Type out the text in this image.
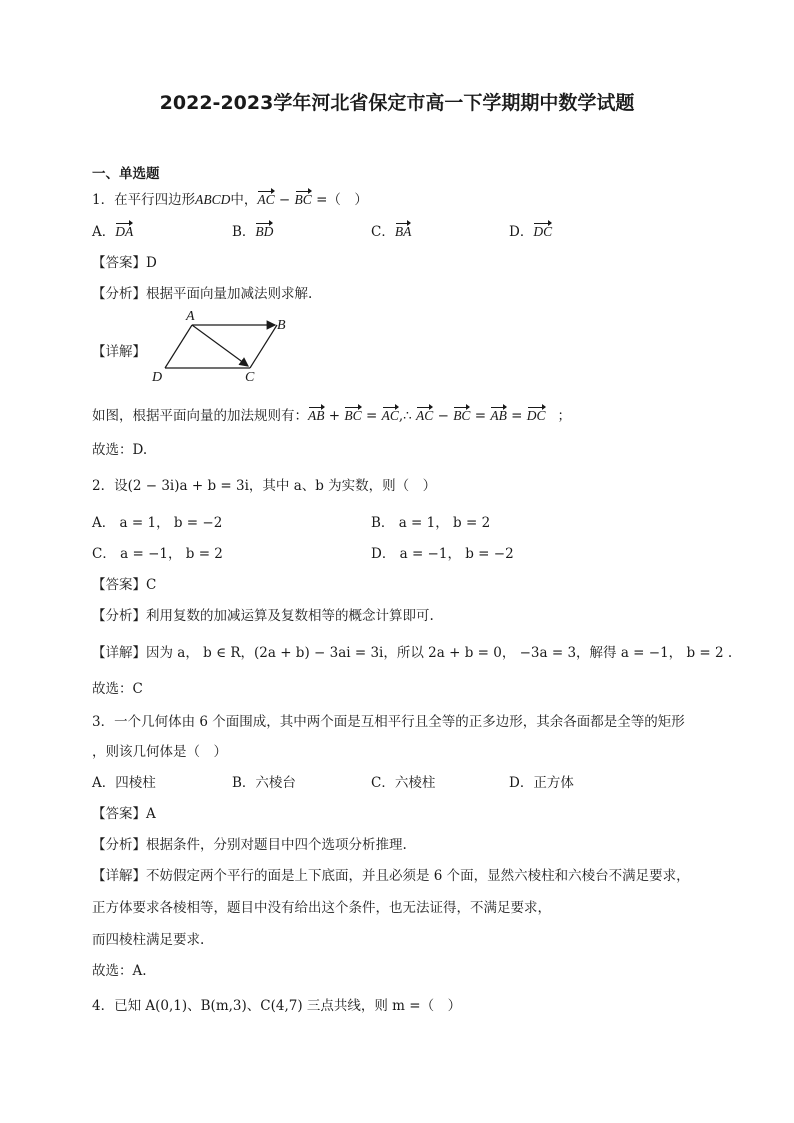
2022-2023学年河北省保定市高一下学期期中数学试题
一、单选题
1．在平行四边形ABCD中，AC − BC =（　）
A．DA	B．BD	C．BA	D．DC
【答案】D
【分析】根据平面向量加减法则求解.
【详解】
A
B
C
D
如图，根据平面向量的加法规则有：AB + BC = AC,∴ AC − BC = AB = DC ；
故选：D.
2．设(2 − 3i)a + b = 3i，其中 a、b 为实数，则（　）
A． a = 1， b = −2	B． a = 1， b = 2
C． a = −1， b = 2	D． a = −1， b = −2
【答案】C
【分析】利用复数的加减运算及复数相等的概念计算即可.
【详解】因为 a， b ∈ R，(2a + b) − 3ai = 3i，所以 2a + b = 0， −3a = 3，解得 a = −1， b = 2 .
故选：C
3．一个几何体由 6 个面围成，其中两个面是互相平行且全等的正多边形，其余各面都是全等的矩形
，则该几何体是（　）
A．四棱柱	B．六棱台	C．六棱柱	D．正方体
【答案】A
【分析】根据条件，分别对题目中四个选项分析推理.
【详解】不妨假定两个平行的面是上下底面，并且必须是 6 个面，显然六棱柱和六棱台不满足要求，
正方体要求各棱相等，题目中没有给出这个条件，也无法证得，不满足要求，
而四棱柱满足要求.
故选：A.
4．已知 A(0,1)、B(m,3)、C(4,7) 三点共线，则 m =（　）
